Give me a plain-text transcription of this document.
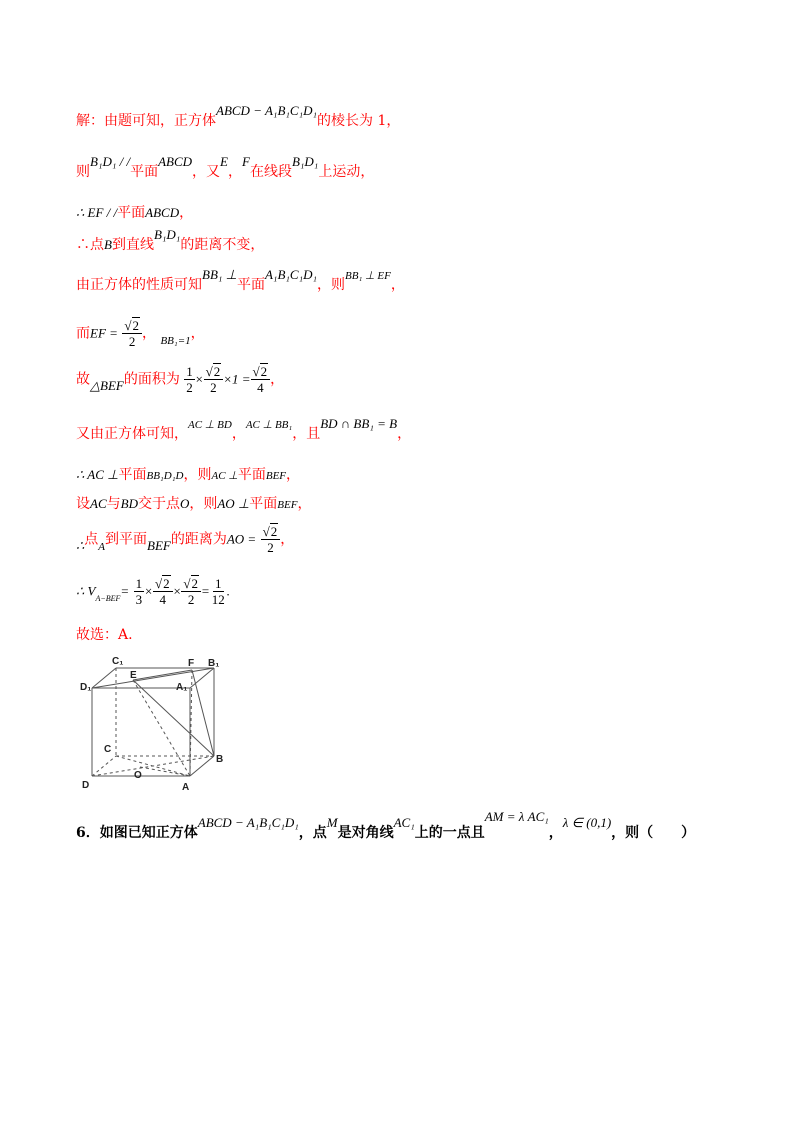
解：由题可知，正方体ABCD − A₁B₁C₁D₁的棱长为 1，
则B₁D₁ / /平面ABCD，又E，F在线段B₁D₁上运动，
∴ EF / /平面ABCD，
∴点B到直线B₁D₁的距离不变，
由正方体的性质可知BB₁ ⊥平面A₁B₁C₁D₁，则$^{BB_1 \perp EF}$，
而EF = $\frac{√2}{2}$ ， $_{BB_1=1}$，
故△BEF的面积为 $\frac{1}{2} \times \frac{√2}{2} \times 1 = \frac{√2}{4}$ ，
又由正方体可知，$^{AC \perp BD}$，$^{AC \perp BB_1}$，且BD ∩ BB₁ = B，
∴ AC ⊥平面BB₁D₁D，则AC ⊥平面BEF，
设AC与BD交于点O，则AO ⊥平面BEF，
∴点$_A$到平面BEF的距离为AO = $\frac{√2}{2}$ ，
∴ $V_{A-BEF}= \frac{1}{3} \times \frac{√2}{4} \times \frac{√2}{2} = \frac{1}{12}$ .
故选：A.
C₁	F B₁
D₁
E
A₁
C
B
O
D	A
6．如图已知正方体ABCD − A₁B₁C₁D₁，点M是对角线AC₁上的一点且AM = λ AC₁，λ ∈ (0,1)，则（　　）
